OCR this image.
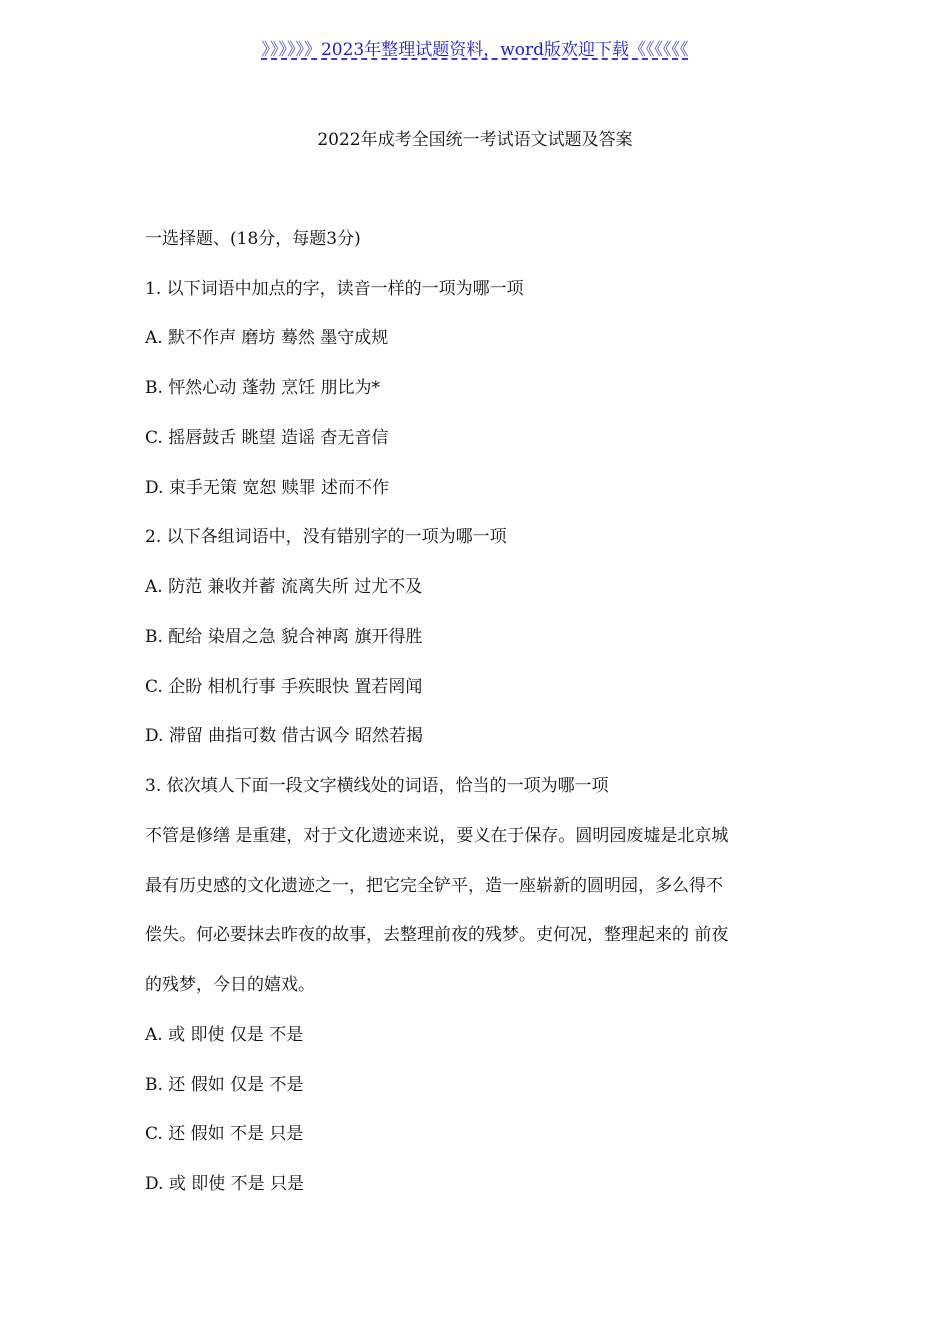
》》》》》》2023年整理试题资料，word版欢迎下载《《《《《《
2022年成考全国统一考试语文试题及答案
一选择题、(18分，每题3分)
1. 以下词语中加点的字，读音一样的一项为哪一项
A. 默不作声 磨坊 蓦然 墨守成规
B. 怦然心动 蓬勃 烹饪 朋比为*
C. 摇唇鼓舌 眺望 造谣 杳无音信
D. 束手无策 宽恕 赎罪 述而不作
2. 以下各组词语中，没有错别字的一项为哪一项
A. 防范 兼收并蓄 流离失所 过尤不及
B. 配给 染眉之急 貌合神离 旗开得胜
C. 企盼 相机行事 手疾眼快 置若罔闻
D. 滞留 曲指可数 借古讽今 昭然若揭
3. 依次填人下面一段文字横线处的词语，恰当的一项为哪一项
不管是修缮 是重建，对于文化遗迹来说，要义在于保存。圆明园废墟是北京城
最有历史感的文化遗迹之一，把它完全铲平，造一座崭新的圆明园，多么得不
偿失。何必要抹去昨夜的故事，去整理前夜的残梦。吏何况，整理起来的 前夜
的残梦，今日的嬉戏。
A. 或 即使 仅是 不是
B. 还 假如 仅是 不是
C. 还 假如 不是 只是
D. 或 即使 不是 只是
